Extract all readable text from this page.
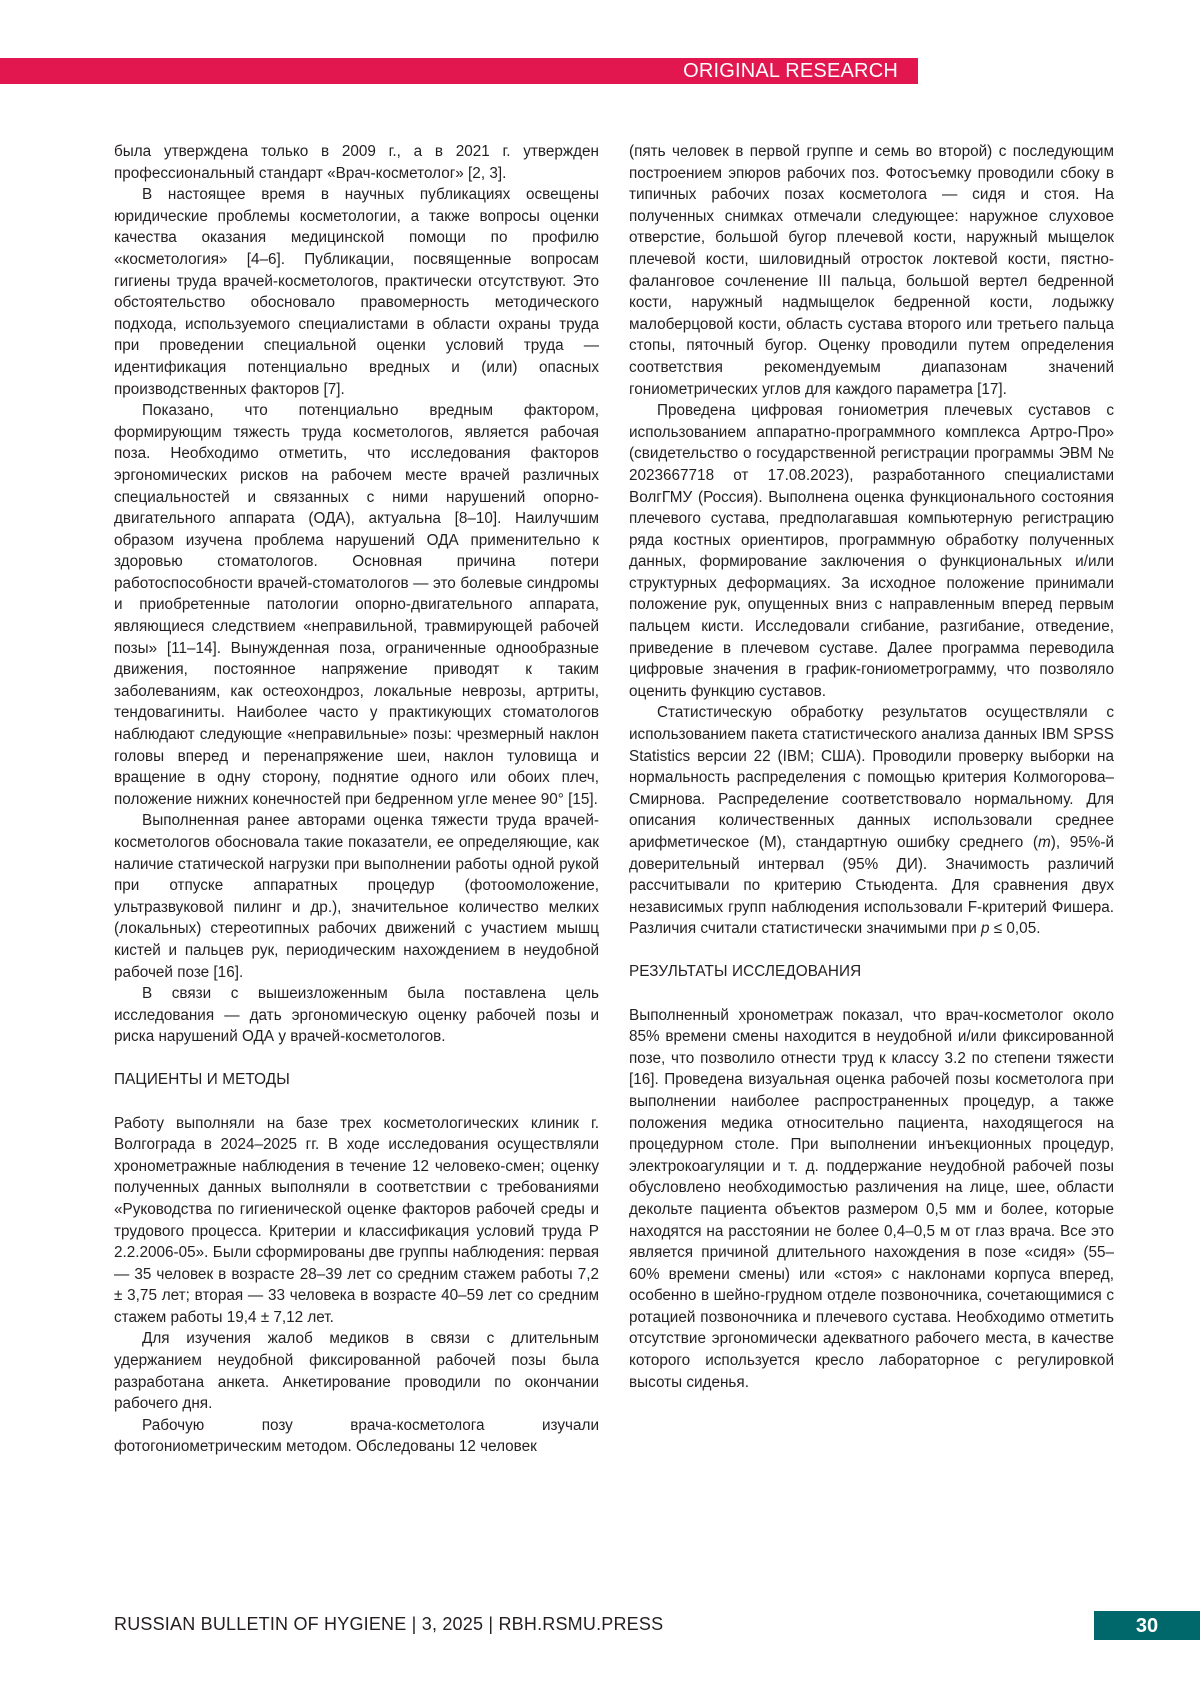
ORIGINAL RESEARCH

была утверждена только в 2009 г., а в 2021 г. утвержден профессиональный стандарт «Врач-косметолог» [2, 3].

В настоящее время в научных публикациях освещены юридические проблемы косметологии, а также вопросы оценки качества оказания медицинской помощи по профилю «косметология» [4–6]. Публикации, посвященные вопросам гигиены труда врачей-косметологов, практически отсутствуют. Это обстоятельство обосновало правомерность методического подхода, используемого специалистами в области охраны труда при проведении специальной оценки условий труда — идентификация потенциально вредных и (или) опасных производственных факторов [7].

Показано, что потенциально вредным фактором, формирующим тяжесть труда косметологов, является рабочая поза. Необходимо отметить, что исследования факторов эргономических рисков на рабочем месте врачей различных специальностей и связанных с ними нарушений опорно-двигательного аппарата (ОДА), актуальна [8–10]. Наилучшим образом изучена проблема нарушений ОДА применительно к здоровью стоматологов. Основная причина потери работоспособности врачей-стоматологов — это болевые синдромы и приобретенные патологии опорно-двигательного аппарата, являющиеся следствием «неправильной, травмирующей рабочей позы» [11–14]. Вынужденная поза, ограниченные однообразные движения, постоянное напряжение приводят к таким заболеваниям, как остеохондроз, локальные неврозы, артриты, тендовагиниты. Наиболее часто у практикующих стоматологов наблюдают следующие «неправильные» позы: чрезмерный наклон головы вперед и перенапряжение шеи, наклон туловища и вращение в одну сторону, поднятие одного или обоих плеч, положение нижних конечностей при бедренном угле менее 90° [15].

Выполненная ранее авторами оценка тяжести труда врачей-косметологов обосновала такие показатели, ее определяющие, как наличие статической нагрузки при выполнении работы одной рукой при отпуске аппаратных процедур (фотоомоложение, ультразвуковой пилинг и др.), значительное количество мелких (локальных) стереотипных рабочих движений с участием мышц кистей и пальцев рук, периодическим нахождением в неудобной рабочей позе [16].

В связи с вышеизложенным была поставлена цель исследования — дать эргономическую оценку рабочей позы и риска нарушений ОДА у врачей-косметологов.

ПАЦИЕНТЫ И МЕТОДЫ

Работу выполняли на базе трех косметологических клиник г. Волгограда в 2024–2025 гг. В ходе исследования осуществляли хронометражные наблюдения в течение 12 человеко-смен; оценку полученных данных выполняли в соответствии с требованиями «Руководства по гигиенической оценке факторов рабочей среды и трудового процесса. Критерии и классификация условий труда Р 2.2.2006-05». Были сформированы две группы наблюдения: первая — 35 человек в возрасте 28–39 лет со средним стажем работы 7,2 ± 3,75 лет; вторая — 33 человека в возрасте 40–59 лет со средним стажем работы 19,4 ± 7,12 лет.

Для изучения жалоб медиков в связи с длительным удержанием неудобной фиксированной рабочей позы была разработана анкета. Анкетирование проводили по окончании рабочего дня.

Рабочую позу врача-косметолога изучали фотогониометрическим методом. Обследованы 12 человек

(пять человек в первой группе и семь во второй) с последующим построением эпюров рабочих поз. Фотосъемку проводили сбоку в типичных рабочих позах косметолога — сидя и стоя. На полученных снимках отмечали следующее: наружное слуховое отверстие, большой бугор плечевой кости, наружный мыщелок плечевой кости, шиловидный отросток локтевой кости, пястно-фаланговое сочленение III пальца, большой вертел бедренной кости, наружный надмыщелок бедренной кости, лодыжку малоберцовой кости, область сустава второго или третьего пальца стопы, пяточный бугор. Оценку проводили путем определения соответствия рекомендуемым диапазонам значений гониометрических углов для каждого параметра [17].

Проведена цифровая гониометрия плечевых суставов с использованием аппаратно-программного комплекса Артро-Про» (свидетельство о государственной регистрации программы ЭВМ № 2023667718 от 17.08.2023), разработанного специалистами ВолгГМУ (Россия). Выполнена оценка функционального состояния плечевого сустава, предполагавшая компьютерную регистрацию ряда костных ориентиров, программную обработку полученных данных, формирование заключения о функциональных и/или структурных деформациях. За исходное положение принимали положение рук, опущенных вниз с направленным вперед первым пальцем кисти. Исследовали сгибание, разгибание, отведение, приведение в плечевом суставе. Далее программа переводила цифровые значения в график-гониометрограмму, что позволяло оценить функцию суставов.

Статистическую обработку результатов осуществляли с использованием пакета статистического анализа данных IBM SPSS Statistics версии 22 (IBM; США). Проводили проверку выборки на нормальность распределения с помощью критерия Колмогорова–Смирнова. Распределение соответствовало нормальному. Для описания количественных данных использовали среднее арифметическое (M), стандартную ошибку среднего (m), 95%-й доверительный интервал (95% ДИ). Значимость различий рассчитывали по критерию Стьюдента. Для сравнения двух независимых групп наблюдения использовали F-критерий Фишера. Различия считали статистически значимыми при p ≤ 0,05.

РЕЗУЛЬТАТЫ ИССЛЕДОВАНИЯ

Выполненный хронометраж показал, что врач-косметолог около 85% времени смены находится в неудобной и/или фиксированной позе, что позволило отнести труд к классу 3.2 по степени тяжести [16]. Проведена визуальная оценка рабочей позы косметолога при выполнении наиболее распространенных процедур, а также положения медика относительно пациента, находящегося на процедурном столе. При выполнении инъекционных процедур, электрокоагуляции и т. д. поддержание неудобной рабочей позы обусловлено необходимостью различения на лице, шее, области декольте пациента объектов размером 0,5 мм и более, которые находятся на расстоянии не более 0,4–0,5 м от глаз врача. Все это является причиной длительного нахождения в позе «сидя» (55–60% времени смены) или «стоя» с наклонами корпуса вперед, особенно в шейно-грудном отделе позвоночника, сочетающимися с ротацией позвоночника и плечевого сустава. Необходимо отметить отсутствие эргономически адекватного рабочего места, в качестве которого используется кресло лабораторное с регулировкой высоты сиденья.

RUSSIAN BULLETIN OF HYGIENE | 3, 2025 | RBH.RSMU.PRESS	30
